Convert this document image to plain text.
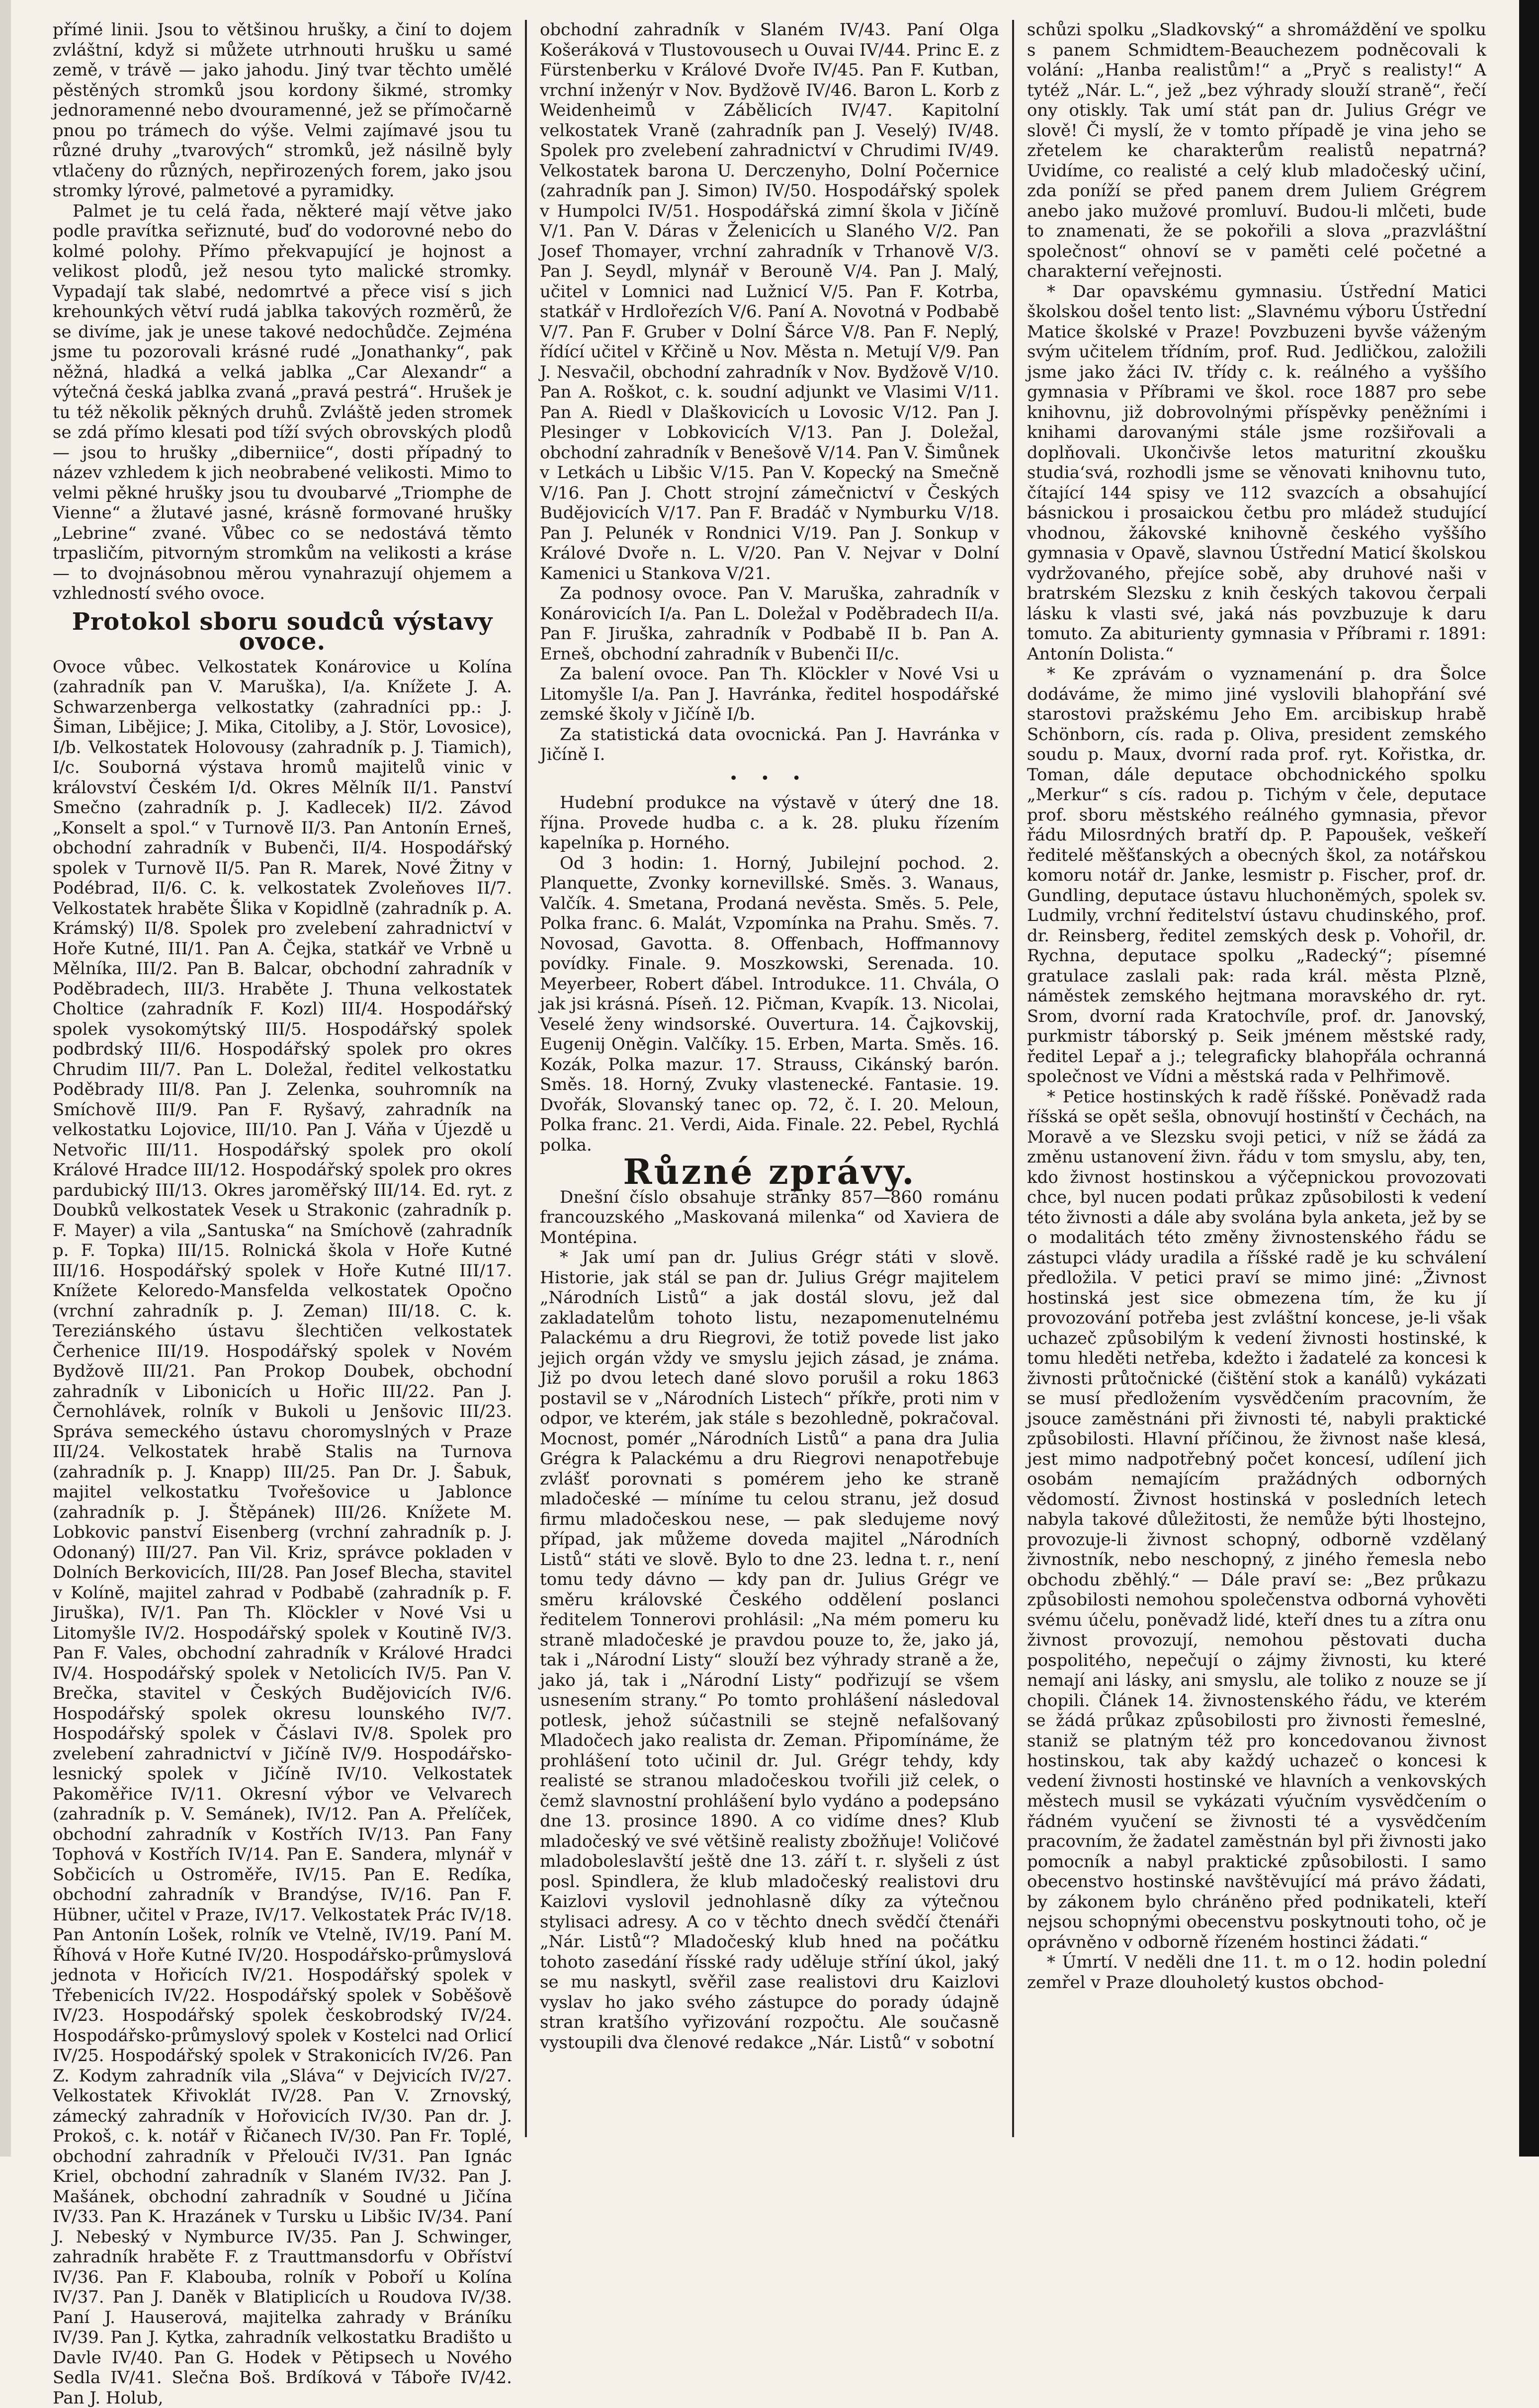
přímé linii. Jsou to většinou hrušky, a činí to dojem zvláštní, když si můžete utrhnouti hrušku u samé země, v trávě — jako jahodu. Jiný tvar těchto umělé pěstěných stromků jsou kordony šikmé, stromky jednoramenné nebo dvouramenné, jež se přímočarně pnou po trámech do výše. Velmi zajímavé jsou tu různé druhy „tvarových“ stromků, jež násilně byly vtlačeny do různých, nepřirozených forem, jako jsou stromky lýrové, palmetové a pyramidky.

Palmet je tu celá řada, některé mají větve jako podle pravítka seřiznuté, buď do vodorovné nebo do kolmé polohy. Přímo překvapující je hojnost a velikost plodů, jež nesou tyto malické stromky. Vypadají tak slabé, nedomrtvé a přece visí s jich krehounkých větví rudá jablka takových rozměrů, že se divíme, jak je unese takové nedochůdče. Zejména jsme tu pozorovali krásné rudé „Jonathanky“, pak něžná, hladká a velká jablka „Car Alexandr“ a výtečná česká jablka zvaná „pravá pestrá“. Hrušek je tu též několik pěkných druhů. Zvláště jeden stromek se zdá přímo klesati pod tíží svých obrovských plodů — jsou to hrušky „diberniice“, dosti případný to název vzhledem k jich neobrabené velikosti. Mimo to velmi pěkné hrušky jsou tu dvoubarvé „Triomphe de Vienne“ a žlutavé jasné, krásně formované hrušky „Lebrine“ zvané. Vůbec co se nedostává těmto trpasličím, pitvorným stromkům na velikosti a kráse — to dvojnásobnou měrou vynahrazují ohjemem a vzhledností svého ovoce.

Protokol sboru soudců výstavy ovoce.

Ovoce vůbec. Velkostatek Konárovice u Kolína (zahradník pan V. Maruška), I/a. Knížete J. A. Schwarzenberga velkostatky (zahradníci pp.: J. Šiman, Libějice; J. Mika, Citoliby, a J. Stör, Lovosice), I/b. Velkostatek Holovousy (zahradník p. J. Tiamich), I/c. Souborná výstava hromů majitelů vinic v království Českém I/d. Okres Mělník II/1. Panství Smečno (zahradník p. J. Kadlecek) II/2. Závod „Konselt a spol.“ v Turnově II/3. Pan Antonín Erneš, obchodní zahradník v Bubenči, II/4. Hospodářský spolek v Turnově II/5. Pan R. Marek, Nové Žitny v Podébrad, II/6. C. k. velkostatek Zvoleňoves II/7. Velkostatek hraběte Šlika v Kopidlně (zahradník p. A. Krámský) II/8. Spolek pro zvelebení zahradnictví v Hoře Kutné, III/1. Pan A. Čejka, statkář ve Vrbně u Mělníka, III/2. Pan B. Balcar, obchodní zahradník v Poděbradech, III/3. Hraběte J. Thuna velkostatek Choltice (zahradník F. Kozl) III/4. Hospodářský spolek vysokomýtský III/5. Hospodářský spolek podbrdský III/6. Hospodářský spolek pro okres Chrudim III/7. Pan L. Doležal, ředitel velkostatku Poděbrady III/8. Pan J. Zelenka, souhromník na Smíchově III/9. Pan F. Ryšavý, zahradník na velkostatku Lojovice, III/10. Pan J. Váňa v Újezdě u Netvořic III/11. Hospodářský spolek pro okolí Králové Hradce III/12. Hospodářský spolek pro okres pardubický III/13. Okres jaroměřský III/14. Ed. ryt. z Doubků velkostatek Vesek u Strakonic (zahradník p. F. Mayer) a vila „Santuska“ na Smíchově (zahradník p. F. Topka) III/15. Rolnická škola v Hoře Kutné III/16. Hospodářský spolek v Hoře Kutné III/17. Knížete Keloredo-Mansfelda velkostatek Opočno (vrchní zahradník p. J. Zeman) III/18. C. k. Tereziánského ústavu šlechtičen velkostatek Čerhenice III/19. Hospodářský spolek v Novém Bydžově III/21. Pan Prokop Doubek, obchodní zahradník v Libonicích u Hořic III/22. Pan J. Černohlávek, rolník v Bukoli u Jenšovic III/23. Správa semeckého ústavu choromyslných v Praze III/24. Velkostatek hrabě Stalis na Turnova (zahradník p. J. Knapp) III/25. Pan Dr. J. Šabuk, majitel velkostatku Tvořešovice u Jablonce (zahradník p. J. Štěpánek) III/26. Knížete M. Lobkovic panství Eisenberg (vrchní zahradník p. J. Odonaný) III/27. Pan Vil. Kriz, správce pokladen v Dolních Berkovicích, III/28. Pan Josef Blecha, stavitel v Kolíně, majitel zahrad v Podbabě (zahradník p. F. Jiruška), IV/1. Pan Th. Klöckler v Nové Vsi u Litomyšle IV/2. Hospodářský spolek v Koutině IV/3. Pan F. Vales, obchodní zahradník v Králové Hradci IV/4. Hospodářský spolek v Netolicích IV/5. Pan V. Brečka, stavitel v Českých Budějovicích IV/6. Hospodářský spolek okresu lounského IV/7. Hospodářský spolek v Čáslavi IV/8. Spolek pro zvelebení zahradnictví v Jičíně IV/9. Hospodářsko-lesnický spolek v Jičíně IV/10. Velkostatek Pakoměřice IV/11. Okresní výbor ve Velvarech (zahradník p. V. Semánek), IV/12. Pan A. Přelíček, obchodní zahradník v Kostřích IV/13. Pan Fany Tophová v Kostřích IV/14. Pan E. Sandera, mlynář v Sobčicích u Ostroměře, IV/15. Pan E. Redíka, obchodní zahradník v Brandýse, IV/16. Pan F. Hübner, učitel v Praze, IV/17. Velkostatek Prác IV/18. Pan Antonín Lošek, rolník ve Vtelně, IV/19. Paní M. Říhová v Hoře Kutné IV/20. Hospodářsko-průmyslová jednota v Hořicích IV/21. Hospodářský spolek v Třebenicích IV/22. Hospodářský spolek v Soběšově IV/23. Hospodářský spolek českobrodský IV/24. Hospodářsko-průmyslový spolek v Kostelci nad Orlicí IV/25. Hospodářský spolek v Strakonicích IV/26. Pan Z. Kodym zahradník vila „Sláva“ v Dejvicích IV/27. Velkostatek Křivoklát IV/28. Pan V. Zrnovský, zámecký zahradník v Hořovicích IV/30. Pan dr. J. Prokoš, c. k. notář v Řičanech IV/30. Pan Fr. Toplé, obchodní zahradník v Přelouči IV/31. Pan Ignác Kriel, obchodní zahradník v Slaném IV/32. Pan J. Mašánek, obchodní zahradník v Soudné u Jičína IV/33. Pan K. Hrazánek v Tursku u Libšic IV/34. Paní J. Nebeský v Nymburce IV/35. Pan J. Schwinger, zahradník hraběte F. z Trauttmansdorfu v Obříství IV/36. Pan F. Klabouba, rolník v Poboří u Kolína IV/37. Pan J. Daněk v Blatiplicích u Roudova IV/38. Paní J. Hauserová, majitelka zahrady v Bráníku IV/39. Pan J. Kytka, zahradník velkostatku Bradišto u Davle IV/40. Pan G. Hodek v Pětipsech u Nového Sedla IV/41. Slečna Boš. Brdíková v Táboře IV/42. Pan J. Holub,

obchodní zahradník v Slaném IV/43. Paní Olga Košeráková v Tlustovousech u Ouvai IV/44. Princ E. z Fürstenberku v Králové Dvoře IV/45. Pan F. Kutban, vrchní inženýr v Nov. Bydžově IV/46. Baron L. Korb z Weidenheimů v Zábělicích IV/47. Kapitolní velkostatek Vraně (zahradník pan J. Veselý) IV/48. Spolek pro zvelebení zahradnictví v Chrudimi IV/49. Velkostatek barona U. Derczenyho, Dolní Počernice (zahradník pan J. Simon) IV/50. Hospodářský spolek v Humpolci IV/51. Hospodářská zimní škola v Jičíně V/1. Pan V. Dáras v Želenicích u Slaného V/2. Pan Josef Thomayer, vrchní zahradník v Trhanově V/3. Pan J. Seydl, mlynář v Berouně V/4. Pan J. Malý, učitel v Lomnici nad Lužnicí V/5. Pan F. Kotrba, statkář v Hrdlořezích V/6. Paní A. Novotná v Podbabě V/7. Pan F. Gruber v Dolní Šárce V/8. Pan F. Neplý, řídící učitel v Křčině u Nov. Města n. Metují V/9. Pan J. Nesvačil, obchodní zahradník v Nov. Bydžově V/10. Pan A. Roškot, c. k. soudní adjunkt ve Vlasimi V/11. Pan A. Riedl v Dlaškovicích u Lovosic V/12. Pan J. Plesinger v Lobkovicích V/13. Pan J. Doležal, obchodní zahradník v Benešově V/14. Pan V. Šimůnek v Letkách u Libšic V/15. Pan V. Kopecký na Smečně V/16. Pan J. Chott strojní zámečnictví v Českých Budějovicích V/17. Pan F. Bradáč v Nymburku V/18. Pan J. Pelunék v Rondnici V/19. Pan J. Sonkup v Králové Dvoře n. L. V/20. Pan V. Nejvar v Dolní Kamenici u Stankova V/21.

Za podnosy ovoce. Pan V. Maruška, zahradník v Konárovicích I/a. Pan L. Doležal v Poděbradech II/a. Pan F. Jiruška, zahradník v Podbabě II b. Pan A. Erneš, obchodní zahradník v Bubenči II/c.

Za balení ovoce. Pan Th. Klöckler v Nové Vsi u Litomyšle I/a. Pan J. Havránka, ředitel hospodářské zemské školy v Jičíně I/b.

Za statistická data ovocnická. Pan J. Havránka v Jičíně I.

• • •

Hudební produkce na výstavě v úterý dne 18. října. Provede hudba c. a k. 28. pluku řízením kapelníka p. Horného.

Od 3 hodin: 1. Horný, Jubilejní pochod. 2. Planquette, Zvonky kornevillské. Směs. 3. Wanaus, Valčík. 4. Smetana, Prodaná nevěsta. Směs. 5. Pele, Polka franc. 6. Malát, Vzpomínka na Prahu. Směs. 7. Novosad, Gavotta. 8. Offenbach, Hoffmannovy povídky. Finale. 9. Moszkowski, Serenada. 10. Meyerbeer, Robert ďábel. Introdukce. 11. Chvála, O jak jsi krásná. Píseň. 12. Pičman, Kvapík. 13. Nicolai, Veselé ženy windsorské. Ouvertura. 14. Čajkovskij, Eugenij Oněgin. Valčíky. 15. Erben, Marta. Směs. 16. Kozák, Polka mazur. 17. Strauss, Cikánský barón. Směs. 18. Horný, Zvuky vlastenecké. Fantasie. 19. Dvořák, Slovanský tanec op. 72, č. I. 20. Meloun, Polka franc. 21. Verdi, Aida. Finale. 22. Pebel, Rychlá polka.

Různé zprávy.

Dnešní číslo obsahuje stránky 857—860 románu francouzského „Maskovaná milenka“ od Xaviera de Montépina.

* Jak umí pan dr. Julius Grégr státi v slově. Historie, jak stál se pan dr. Julius Grégr majitelem „Národních Listů“ a jak dostál slovu, jež dal zakladatelům tohoto listu, nezapomenutelnému Palackému a dru Riegrovi, že totiž povede list jako jejich orgán vždy ve smyslu jejich zásad, je známa. Již po dvou letech dané slovo porušil a roku 1863 postavil se v „Národních Listech“ příkře, proti nim v odpor, ve kterém, jak stále s bezohledně, pokračoval. Mocnost, pomér „Národních Listů“ a pana dra Julia Grégra k Palackému a dru Riegrovi nenapotřebuje zvlášť porovnati s pomérem jeho ke straně mladočeské — míníme tu celou stranu, jež dosud firmu mladočeskou nese, — pak sledujeme nový případ, jak můžeme doveda majitel „Národních Listů“ státi ve slově. Bylo to dne 23. ledna t. r., není tomu tedy dávno — kdy pan dr. Julius Grégr ve směru královské Českého oddělení poslanci ředitelem Tonnerovi prohlásil: „Na mém pomeru ku straně mladočeské je pravdou pouze to, že, jako já, tak i „Národní Listy“ slouží bez výhrady straně a že, jako já, tak i „Národní Listy“ podřizují se všem usnesením strany.“ Po tomto prohlášení následoval potlesk, jehož súčastnili se stejně nefalšovaný Mladočech jako realista dr. Zeman. Připomínáme, že prohlášení toto učinil dr. Jul. Grégr tehdy, kdy realisté se stranou mladočeskou tvořili již celek, o čemž slavnostní prohlášení bylo vydáno a podepsáno dne 13. prosince 1890. A co vidíme dnes? Klub mladočeský ve své většině realisty zbožňuje! Voličové mladoboleslavští ještě dne 13. září t. r. slyšeli z úst posl. Spindlera, že klub mladočeský realistovi dru Kaizlovi vyslovil jednohlasně díky za výtečnou stylisaci adresy. A co v těchto dnech svědčí čtenáři „Nár. Listů“? Mladočeský klub hned na počátku tohoto zasedání řísské rady uděluje stříní úkol, jaký se mu naskytl, svěřil zase realistovi dru Kaizlovi vyslav ho jako svého zástupce do porady údajně stran kratšího vyřizování rozpočtu. Ale současně vystoupili dva členové redakce „Nár. Listů“ v sobotní

schůzi spolku „Sladkovský“ a shromáždění ve spolku s panem Schmidtem-Beauchezem podněcovali k volání: „Hanba realistům!“ a „Pryč s realisty!“ A tytéž „Nár. L.“, jež „bez výhrady slouží straně“, řečí ony otiskly. Tak umí stát pan dr. Julius Grégr ve slově! Či myslí, že v tomto případě je vina jeho se zřetelem ke charakterům realistů nepatrná? Uvidíme, co realisté a celý klub mladočeský učiní, zda poníží se před panem drem Juliem Grégrem anebo jako mužové promluví. Budou-li mlčeti, bude to znamenati, že se pokořili a slova „prazvláštní společnost“ ohnoví se v paměti celé početné a charakterní veřejnosti.

* Dar opavskému gymnasiu. Ústřední Matici školskou došel tento list: „Slavnému výboru Ústřední Matice školské v Praze! Povzbuzeni byvše váženým svým učitelem třídním, prof. Rud. Jedličkou, založili jsme jako žáci IV. třídy c. k. reálného a vyššího gymnasia v Příbrami ve škol. roce 1887 pro sebe knihovnu, již dobrovolnými příspěvky peněžními i knihami darovanými stále jsme rozšiřovali a doplňovali. Ukončivše letos maturitní zkoušku studia‘svá, rozhodli jsme se věnovati knihovnu tuto, čítající 144 spisy ve 112 svazcích a obsahující básnickou i prosaickou četbu pro mládež studující vhodnou, žákovské knihovně českého vyššího gymnasia v Opavě, slavnou Ústřední Maticí školskou vydržovaného, přejíce sobě, aby druhové naši v bratrském Slezsku z knih českých takovou čerpali lásku k vlasti své, jaká nás povzbuzuje k daru tomuto. Za abiturienty gymnasia v Příbrami r. 1891: Antonín Dolista.“

* Ke zprávám o vyznamenání p. dra Šolce dodáváme, že mimo jiné vyslovili blahopřání své starostovi pražskému Jeho Em. arcibiskup hrabě Schönborn, cís. rada p. Oliva, president zemského soudu p. Maux, dvorní rada prof. ryt. Kořistka, dr. Toman, dále deputace obchodnického spolku „Merkur“ s cís. radou p. Tichým v čele, deputace prof. sboru městského reálného gymnasia, převor řádu Milosrdných bratří dp. P. Papoušek, veškeří ředitelé měšťanských a obecných škol, za notářskou komoru notář dr. Janke, lesmistr p. Fischer, prof. dr. Gundling, deputace ústavu hluchoněmých, spolek sv. Ludmily, vrchní ředitelství ústavu chudinského, prof. dr. Reinsberg, ředitel zemských desk p. Vohořil, dr. Rychna, deputace spolku „Radecký“; písemné gratulace zaslali pak: rada král. města Plzně, náměstek zemského hejtmana moravského dr. ryt. Srom, dvorní rada Kratochvíle, prof. dr. Janovský, purkmistr táborský p. Seik jménem městské rady, ředitel Lepař a j.; telegraficky blahopřála ochranná společnost ve Vídni a městská rada v Pelhřimově.

* Petice hostinských k radě říšské. Poněvadž rada říšská se opět sešla, obnovují hostinští v Čechách, na Moravě a ve Slezsku svoji petici, v níž se žádá za změnu ustanovení živn. řádu v tom smyslu, aby, ten, kdo živnost hostinskou a výčepnickou provozovati chce, byl nucen podati průkaz způsobilosti k vedení této živnosti a dále aby svolána byla anketa, jež by se o modalitách této změny živnostenského řádu se zástupci vlády uradila a říšské radě je ku schválení předložila. V petici praví se mimo jiné: „Živnost hostinská jest sice obmezena tím, že ku jí provozování potřeba jest zvláštní koncese, je-li však uchazeč způsobilým k vedení živnosti hostinské, k tomu hleděti netřeba, kdežto i žadatelé za koncesi k živnosti průtočnické (čištění stok a kanálů) vykázati se musí předložením vysvědčením pracovním, že jsouce zaměstnáni při živnosti té, nabyli praktické způsobilosti. Hlavní příčinou, že živnost naše klesá, jest mimo nadpotřebný počet koncesí, udílení jich osobám nemajícím pražádných odborných vědomostí. Živnost hostinská v posledních letech nabyla takové důležitosti, že nemůže býti lhostejno, provozuje-li živnost schopný, odborně vzdělaný živnostník, nebo neschopný, z jiného řemesla nebo obchodu zběhlý.“ — Dále praví se: „Bez průkazu způsobilosti nemohou společenstva odborná vyhověti svému účelu, poněvadž lidé, kteří dnes tu a zítra onu živnost provozují, nemohou pěstovati ducha pospolitého, nepečují o zájmy živnosti, ku které nemají ani lásky, ani smyslu, ale toliko z nouze se jí chopili. Článek 14. živnostenského řádu, ve kterém se žádá průkaz způsobilosti pro živnosti řemeslné, staniž se platným též pro koncedovanou živnost hostinskou, tak aby každý uchazeč o koncesi k vedení živnosti hostinské ve hlavních a venkovských městech musil se vykázati výučním vysvědčením o řádném vyučení se živnosti té a vysvědčením pracovním, že žadatel zaměstnán byl při živnosti jako pomocník a nabyl praktické způsobilosti. I samo obecenstvo hostinské navštěvující má právo žádati, by zákonem bylo chráněno před podnikateli, kteří nejsou schopnými obecenstvu poskytnouti toho, oč je oprávněno v odborně řízeném hostinci žádati.“

* Úmrtí. V neděli dne 11. t. m o 12. hodin polední zemřel v Praze dlouholetý kustos obchod-
